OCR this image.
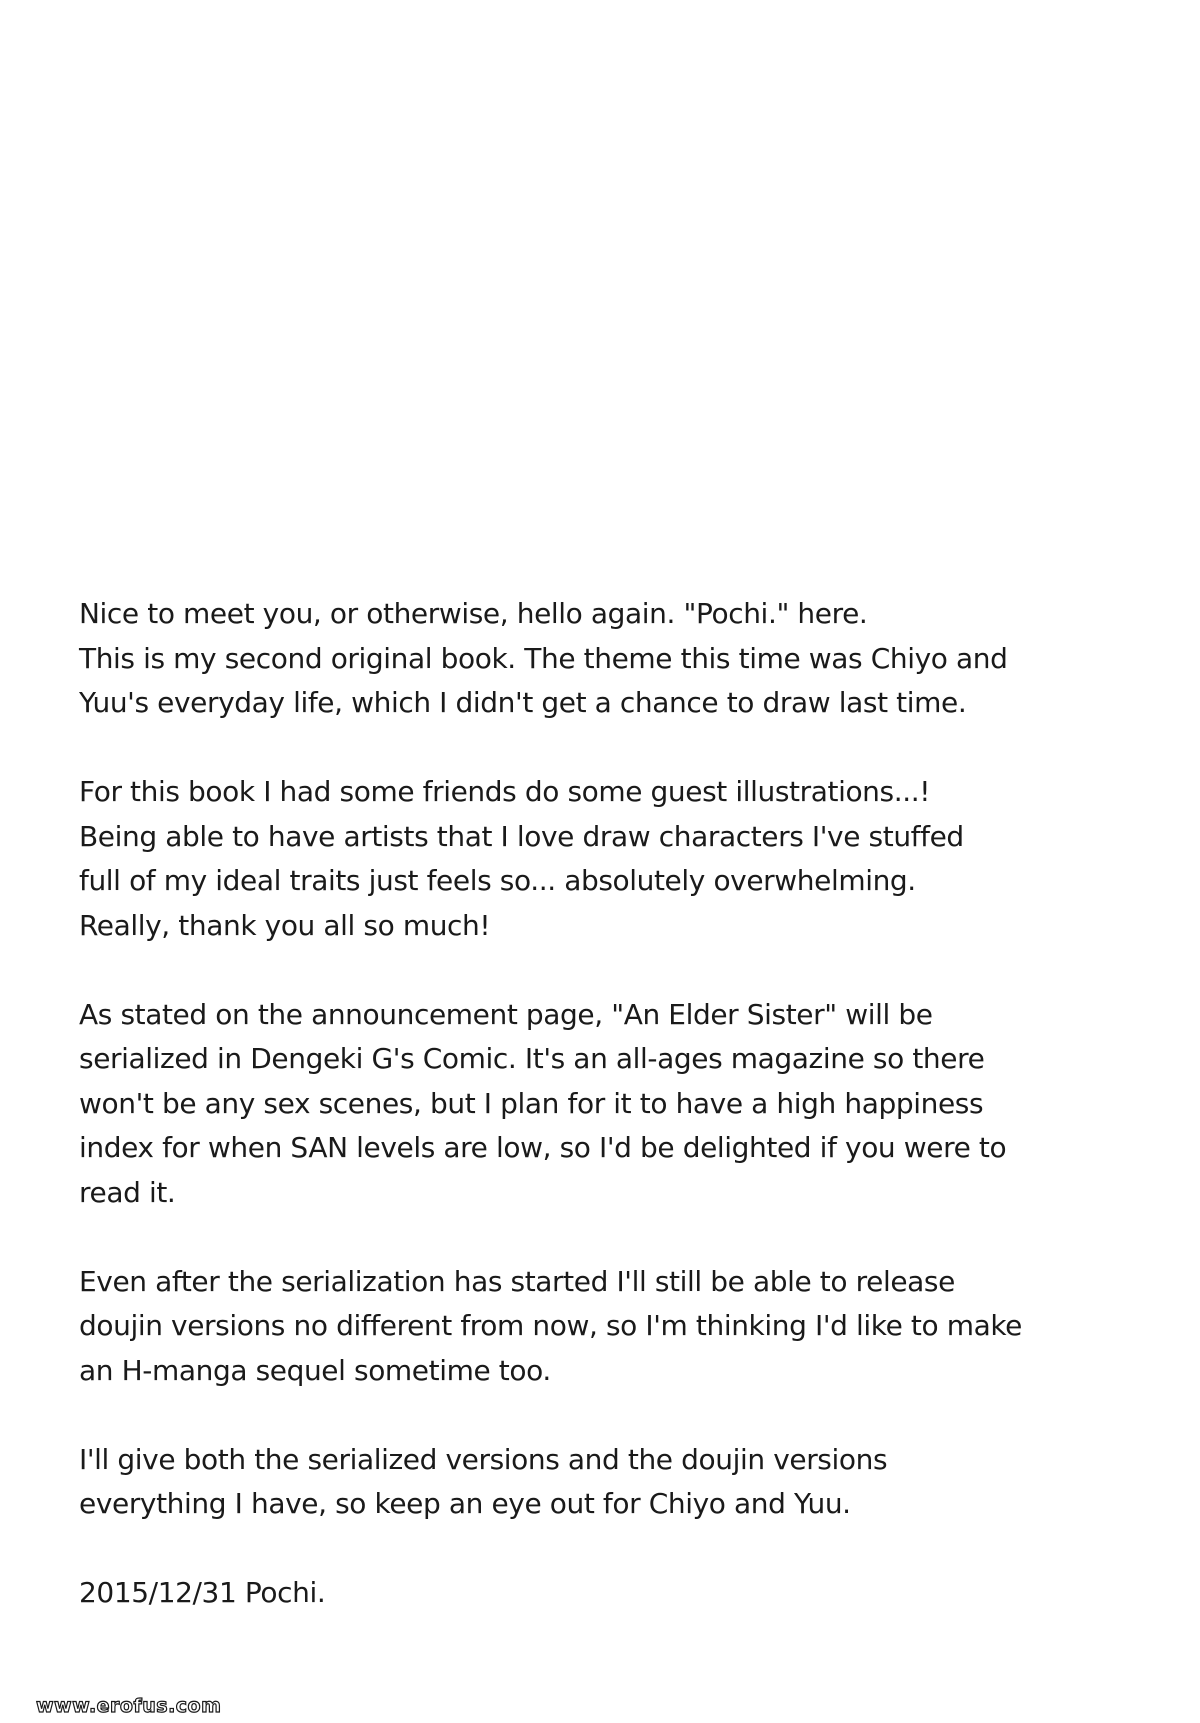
Nice to meet you, or otherwise, hello again. "Pochi." here.
This is my second original book. The theme this time was Chiyo and
Yuu's everyday life, which I didn't get a chance to draw last time.

For this book I had some friends do some guest illustrations...!
Being able to have artists that I love draw characters I've stuffed
full of my ideal traits just feels so... absolutely overwhelming.
Really, thank you all so much!

As stated on the announcement page, "An Elder Sister" will be
serialized in Dengeki G's Comic. It's an all-ages magazine so there
won't be any sex scenes, but I plan for it to have a high happiness
index for when SAN levels are low, so I'd be delighted if you were to
read it.

Even after the serialization has started I'll still be able to release
doujin versions no different from now, so I'm thinking I'd like to make
an H-manga sequel sometime too.

I'll give both the serialized versions and the doujin versions
everything I have, so keep an eye out for Chiyo and Yuu.

2015/12/31 Pochi.

www.erofus.com
